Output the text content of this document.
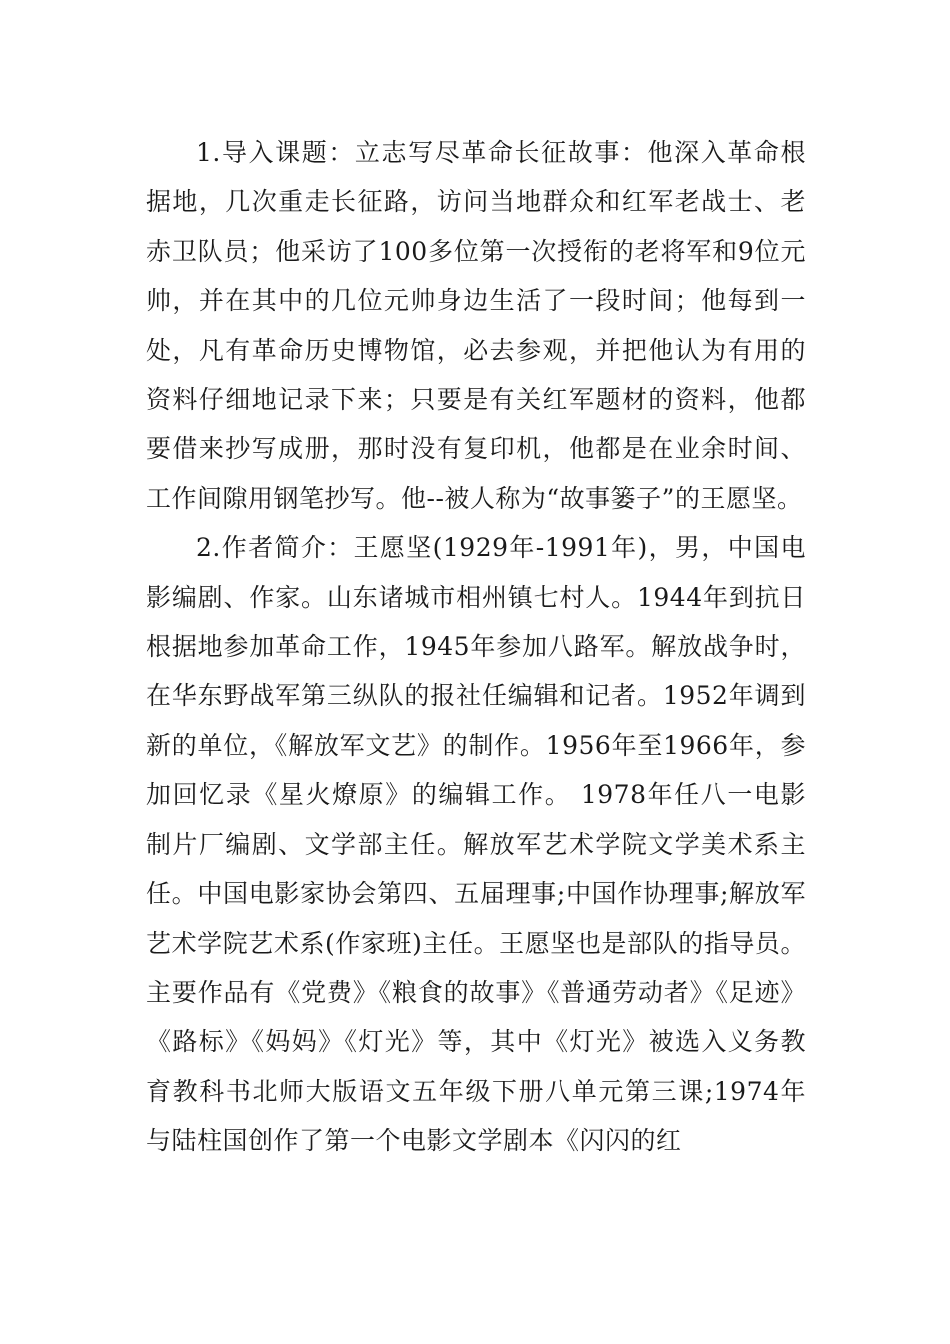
1.导入课题：立志写尽革命长征故事：他深入革命根据地，几次重走长征路，访问当地群众和红军老战士、老赤卫队员；他采访了100多位第一次授衔的老将军和9位元帅，并在其中的几位元帅身边生活了一段时间；他每到一处，凡有革命历史博物馆，必去参观，并把他认为有用的资料仔细地记录下来；只要是有关红军题材的资料，他都要借来抄写成册，那时没有复印机，他都是在业余时间、工作间隙用钢笔抄写。他--被人称为“故事篓子”的王愿坚。

2.作者简介：王愿坚(1929年-1991年)，男，中国电影编剧、作家。山东诸城市相州镇七村人。1944年到抗日根据地参加革命工作，1945年参加八路军。解放战争时，在华东野战军第三纵队的报社任编辑和记者。1952年调到新的单位，《解放军文艺》的制作。1956年至1966年，参加回忆录《星火燎原》的编辑工作。 1978年任八一电影制片厂编剧、文学部主任。解放军艺术学院文学美术系主任。中国电影家协会第四、五届理事;中国作协理事;解放军艺术学院艺术系(作家班)主任。王愿坚也是部队的指导员。主要作品有《党费》《粮食的故事》《普通劳动者》《足迹》《路标》《妈妈》《灯光》等，其中《灯光》被选入义务教育教科书北师大版语文五年级下册八单元第三课;1974年与陆柱国创作了第一个电影文学剧本《闪闪的红
